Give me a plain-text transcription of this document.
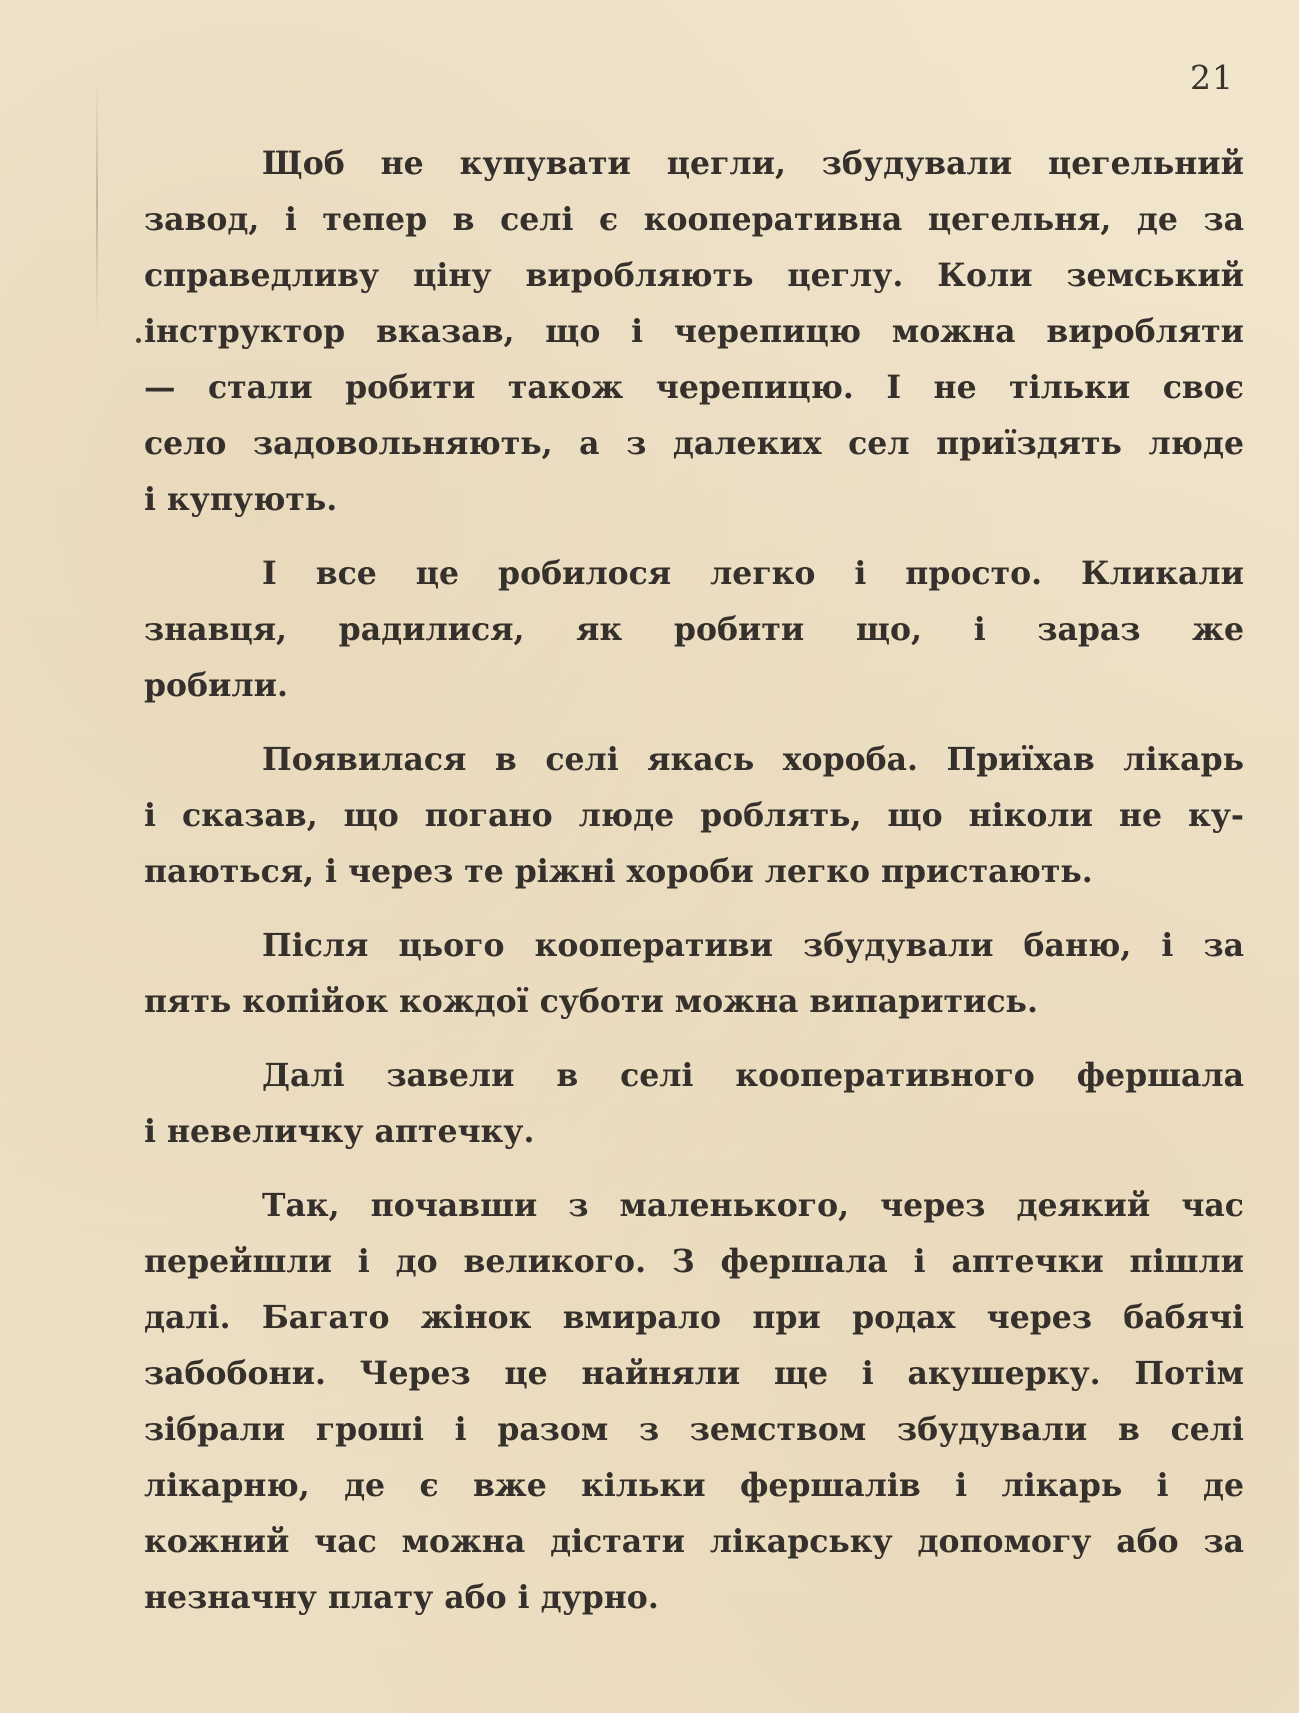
21

Щоб не купувати цегли, збудували цегельний
завод, і тепер в селі є кооперативна цегельня, де за
справедливу ціну виробляють цеглу. Коли земський
інструктор вказав, що і черепицю можна виробляти
— стали робити також черепицю. І не тільки своє
село задовольняють, а з далеких сел приїздять люде
і купують.

І все це робилося легко і просто. Кликали
знавця, радилися, як робити що, і зараз же
робили.

Появилася в селі якась хороба. Приїхав лікарь
і сказав, що погано люде роблять, що ніколи не ку-
паються, і через те ріжні хороби легко пристають.

Після цього кооперативи збудували баню, і за
пять копійок кождої суботи можна випаритись.

Далі завели в селі кооперативного фершала
і невеличку аптечку.

Так, почавши з маленького, через деякий час
перейшли і до великого. З фершала і аптечки пішли
далі. Багато жінок вмирало при родах через бабячі
забобони. Через це найняли ще і акушерку. Потім
зібрали гроші і разом з земством збудували в селі
лікарню, де є вже кільки фершалів і лікарь і де
кожний час можна дістати лікарську допомогу або за
незначну плату або і дурно.
